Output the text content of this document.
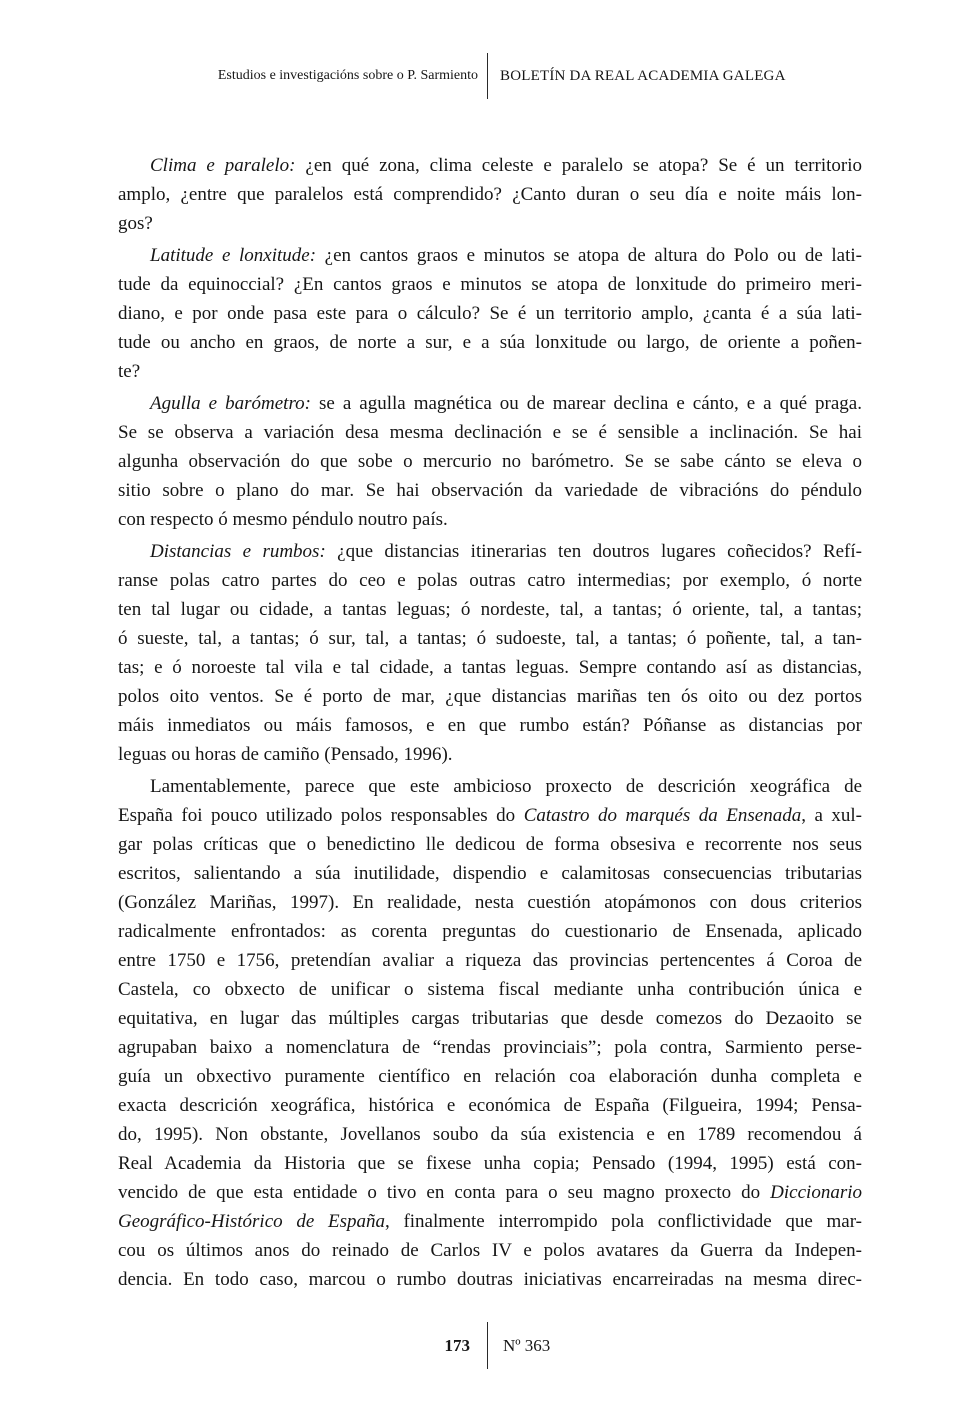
Estudios e investigacións sobre o P. Sarmiento BOLETÍN DA REAL ACADEMIA GALEGA
Clima e paralelo: ¿en qué zona, clima celeste e paralelo se atopa? Se é un territorio
amplo, ¿entre que paralelos está comprendido? ¿Canto duran o seu día e noite máis lon-
gos?
Latitude e lonxitude: ¿en cantos graos e minutos se atopa de altura do Polo ou de lati-
tude da equinoccial? ¿En cantos graos e minutos se atopa de lonxitude do primeiro meri-
diano, e por onde pasa este para o cálculo? Se é un territorio amplo, ¿canta é a súa lati-
tude ou ancho en graos, de norte a sur, e a súa lonxitude ou largo, de oriente a poñen-
te?
Agulla e barómetro: se a agulla magnética ou de marear declina e cánto, e a qué praga.
Se se observa a variación desa mesma declinación e se é sensible a inclinación. Se hai
algunha observación do que sobe o mercurio no barómetro. Se se sabe cánto se eleva o
sitio sobre o plano do mar. Se hai observación da variedade de vibracións do péndulo
con respecto ó mesmo péndulo noutro país.
Distancias e rumbos: ¿que distancias itinerarias ten doutros lugares coñecidos? Refí-
ranse polas catro partes do ceo e polas outras catro intermedias; por exemplo, ó norte
ten tal lugar ou cidade, a tantas leguas; ó nordeste, tal, a tantas; ó oriente, tal, a tantas;
ó sueste, tal, a tantas; ó sur, tal, a tantas; ó sudoeste, tal, a tantas; ó poñente, tal, a tan-
tas; e ó noroeste tal vila e tal cidade, a tantas leguas. Sempre contando así as distancias,
polos oito ventos. Se é porto de mar, ¿que distancias mariñas ten ós oito ou dez portos
máis inmediatos ou máis famosos, e en que rumbo están? Póñanse as distancias por
leguas ou horas de camiño (Pensado, 1996).
Lamentablemente, parece que este ambicioso proxecto de descrición xeográfica de
España foi pouco utilizado polos responsables do Catastro do marqués da Ensenada, a xul-
gar polas críticas que o benedictino lle dedicou de forma obsesiva e recorrente nos seus
escritos, salientando a súa inutilidade, dispendio e calamitosas consecuencias tributarias
(González Mariñas, 1997). En realidade, nesta cuestión atopámonos con dous criterios
radicalmente enfrontados: as corenta preguntas do cuestionario de Ensenada, aplicado
entre 1750 e 1756, pretendían avaliar a riqueza das provincias pertencentes á Coroa de
Castela, co obxecto de unificar o sistema fiscal mediante unha contribución única e
equitativa, en lugar das múltiples cargas tributarias que desde comezos do Dezaoito se
agrupaban baixo a nomenclatura de “rendas provinciais”; pola contra, Sarmiento perse-
guía un obxectivo puramente científico en relación coa elaboración dunha completa e
exacta descrición xeográfica, histórica e económica de España (Filgueira, 1994; Pensa-
do, 1995). Non obstante, Jovellanos soubo da súa existencia e en 1789 recomendou á
Real Academia da Historia que se fixese unha copia; Pensado (1994, 1995) está con-
vencido de que esta entidade o tivo en conta para o seu magno proxecto do Diccionario
Geográfico-Histórico de España, finalmente interrompido pola conflictividade que mar-
cou os últimos anos do reinado de Carlos IV e polos avatares da Guerra da Indepen-
dencia. En todo caso, marcou o rumbo doutras iniciativas encarreiradas na mesma direc-
173 Nº 363
